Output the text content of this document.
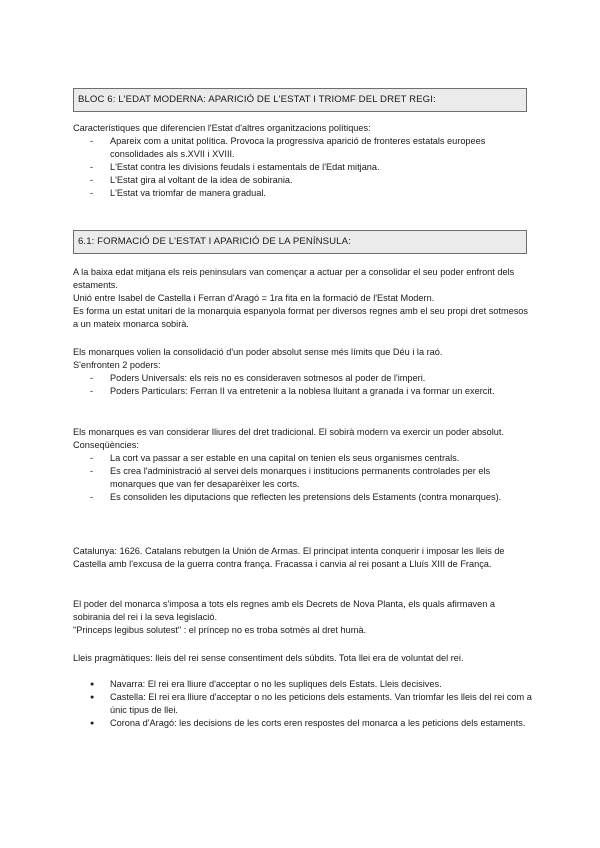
BLOC 6: L'EDAT MODERNA: APARICIÓ DE L'ESTAT I TRIOMF DEL DRET REGI:

Característiques que diferencien l'Estat d'altres organitzacions polítiques:

- Apareix com a unitat política. Provoca la progressiva aparició de fronteres estatals europees consolidades als s.XVII i XVIII.
- L'Estat contra les divisions feudals i estamentals de l'Edat mitjana.
- L'Estat gira al voltant de la idea de sobirania.
- L'Estat va triomfar de manera gradual.
6.1: FORMACIÓ DE L'ESTAT I APARICIÓ DE LA PENÍNSULA:

A la baixa edat mitjana els reis peninsulars van començar a actuar per a consolidar el seu poder enfront dels estaments.

Unió entre Isabel de Castella i Ferran d'Aragó = 1ra fita en la formació de l'Estat Modern.

Es forma un estat unitari de la monarquia espanyola format per diversos regnes amb el seu propi dret sotmesos a un mateix monarca sobirà.

Els monarques volien la consolidació d'un poder absolut sense més límits que Déu i la raó.

S'enfronten 2 poders:

- Poders Universals: els reis no es consideraven sotmesos al poder de l'imperi.
- Poders Particulars: Ferran II va entretenir a la noblesa lluitant a granada i va formar un exercit.

Els monarques es van considerar lliures del dret tradicional. El sobirà modern va exercir un poder absolut.

Conseqüències:

- La cort va passar a ser estable en una capital on tenien els seus organismes centrals.
- Es crea l'administració al servei dels monarques i institucions permanents controlades per els monarques que van fer desaparèixer les corts.
- Es consoliden les diputacions que reflecten les pretensions dels Estaments (contra monarques).

Catalunya: 1626. Catalans rebutgen la Unión de Armas. El principat intenta conquerir i imposar les lleis de Castella amb l'excusa de la guerra contra frança. Fracassa i canvia al rei posant a Lluís XIII de França.

El poder del monarca s'imposa a tots els regnes amb els Decrets de Nova Planta, els quals afirmaven a sobirania del rei i la seva legislació.

"Princeps legibus solutest" : el príncep no es troba sotmès al dret humà.

Lleis pragmàtiques: lleis del rei sense consentiment dels súbdits. Tota llei era de voluntat del rei.

● Navarra: El rei era lliure d'acceptar o no les supliques dels Estats. Lleis decisives.
● Castella: El rei era lliure d'acceptar o no les peticions dels estaments. Van triomfar les lleis del rei com a únic tipus de llei.
● Corona d'Aragó: les decisions de les corts eren respostes del monarca a les peticions dels estaments.
